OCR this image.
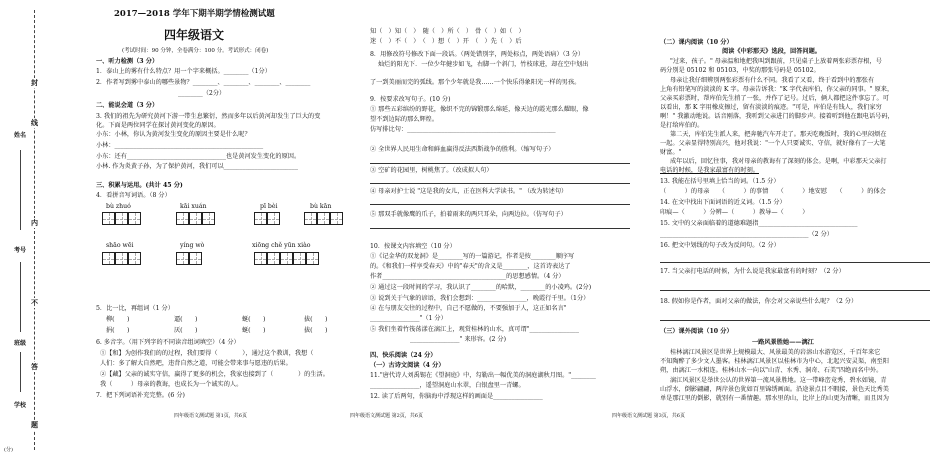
封
线
内
不
答
题
姓名
考号
班级
学校
(分)
2017—2018 学年下期半期学情检测试题
四年级语文
(考试时间：90 分钟，全卷满分：100 分。考试形式：闭卷)
一、听力检测（3 分）
1．泰山上的雾有什么特点？用一个字来概括。________（1分）
2．作者写到雾中泰山的哪些景物？________、________、________、________
________（2分）
二、能说会道（3 分）
3. 我们的祖先为研究黄河下游一带生息繁衍，然而多年以后黄河却发生了巨大的变
化。下面是两位同学在探讨黄河变化的原因。
小东：小林，你认为黄河发生变化的原因主要是什么呢？
小林：________________________________________________
小东：还有________________________________也是黄河发生变化的原因。
小林. 作为炎黄子孙，为了保护黄河，我们可以________________________
三、积累与运用。(共计 45 分)
4．看拼音写词语。（8 分）
bù zhuó	kāi xuán	pī bèi	bù kān
shāo wēi	yíng wò	xiōng chě yūn xiào
5．比一比，再组词（1 分）
柳(　　)	逼(　　)	蜒(　　)	拔(　　)
捐(　　)	厌(　　)	蜒(　　)	拔(　　)
6. 多音字。（用下列字的不同读音组词填空）（4 分）
①【和】为创作我们的的过程，我们要得（　　　　），通过这个教训，我想（
人们：多了解大自然吧，违背自然之道，可能会带来事与愿违的后果。
②【藏】父亲的诚实守信，赢得了更多的机会，我家也接到了（　　　　）的生活。
我（　　　）母亲的教诲，也成长为一个诚实的人。
7．把下列词语补充完整。(6 分)
四年级语文测试题 第1页，共6页
知（　）知（　）　随（　）所（　）　骨（　）如（　）
迷（　）不（　）　（　）想（　）开　（　）先（　）后
8．用修改符号修改下面一段话。（两处错别字，两处标点，两处语病）（3 分）
灿烂的阳光下．一位少年健步如飞，右脚一个斜门，竹枝球进，却在空中划出
了一到美丽而完的弧线。那个少年就是我……一个快乐得象阳光一样的男孩。
9．按要求改写句子。(10 分)
① 那些五彩缤纷的野花，像织不完的锦锻那么绵延，像天边的霞光那么耀眼，像
望不到边际的那么辉煌。
仿写排比句：________________________________________________
② 全世界人民用生命和鲜血赢得反法西斯战争的胜利。（缩写句子）
③ 空矿的花园里，树桃焦了。（改成拟人句）
④ 母亲对护士说 "这是我的女儿，正在医科大学读书。" （改为转述句）
⑤ 那双手就像鹰的爪子，拍着雨来的两只耳朵，向两边拉。（仿写句子）
10．按课文内容填空（10 分）
①《记金华的双龙洞》是________写的一篇游记，作者是按________顺序写
的。《和我们一样享受春天》中的"春天"的含义是________，这首诗表达了
作者________________________________________的思想感情。（4 分）
② 通过这一段时间的学习，我认识了________的哈默，________的小凌鸡。(2分)
③ 说到关于气象的谚语，我们会想到：________________，晚霞行千里。（1分）
④ 在与朋友交往的过程中，自己不愿做的，不要强加于人，这正如名言"
________________"（1 分）
⑤ 我们坐着竹筏荡漾在漓江上，观赏桂林的山水，真可谓"________________
________________" 来形容。(2 分)
四、快乐阅读（24 分）
（一）古诗文阅读（4 分）
11."唐代诗人刘禹锡在《望洞庭》中，勾勒出一幅优美的洞庭湖秋月图。"________
________________，遥望洞庭山水翠，白银盘里一青螺。
12. 读了后两句，你脑海中浮现这样的画面是________________
四年级语文测试题 第2页，共6页
（二）课内阅读（10 分）
阅读《中彩那天》选段，回答问题。
"过来，孩子。" 母亲温和地把我叫到跟前，只见桌子上放着两张彩票存根，号
码分别是 05102 和 05103，中奖的那张号码是 05102。
母亲让我仔细辨别两张彩票有什么不同。我看了又看，终于看到中的那张有
上角有铅笔写的淡淡的 K 字。母亲告诉我："K 字代表库伯，你父亲的同事。" 原来，
父亲买彩票时，帮库伯先生捎了一张，并作了记号。过后，俩人都把这件事忘了。可
以看出，那 K 字用橡皮擦过，留有淡淡的痕迹。"可是，库伯是有钱人，我们家穷
啊！" 我激动地说。话音刚落，我听到父亲进门的脚步声。接着听到他在跟电话号码，
是打给库伯的。
第二天，库伯先生派人来，把奔驰汽车开走了。那天吃晚饭时，我的心里闷烦在
一起。父亲显得特别高兴，他对我说："一个人只要诚实、守信，就好像有了一大笔
财富。"
成年以后，回忆往事，我对母亲的教诲有了深刻的体会。是啊，中彩那天父亲打
电话的时候，是我家最富有的时刻。
13. 我能在括号里填上恰当的词。（1.5 分）
（　　　）的母亲　　（　　　）的事情　　（　　　）地安慰　　（　　　）的体会
14. 在文中找出下面词语的近义词。（1.5 分）
印痕—（　　　）分辨—（　　　）教导—（　　　）
15. 文中的父亲面临着的道德难题指________________________________
________________________________________________（2 分）
16. 把文中划线的句子改为反问句。（2 分）
17. 当父亲打电话的时候，为什么说是我家最富有的时刻？（2 分）
18. 假如你是作者，面对父亲的做法，你会对父亲说些什么呢？（2 分）
（三）课外阅读（10 分）
一路风景胜她——漓江
桂林漓江风景区是世界上规模最大、风景最美的岩溶山水游览区，千百年来它
不知陶醉了多少文人墨客。桂林漓江风景区以桂林市为中心，北起兴安灵渠，南至阳
朔，由漓江一水相连。桂林山水一向以"山青、水秀、洞奇、石美"四绝而名中外。
漓江风景区是举世公认的世界第一流风景胜地。这一带峰峦竟秀，碧水如镜，青
山浮水，倒影翩翩，两岸景色犹如百里锦绣画面。沿途景点目不暇接，景色天比秀美
单是那江里的倒影，就别有一番情趣。那水里的山，比岸上的山更为清晰，而且因为
四年级语文测试题 第3页，共6页
